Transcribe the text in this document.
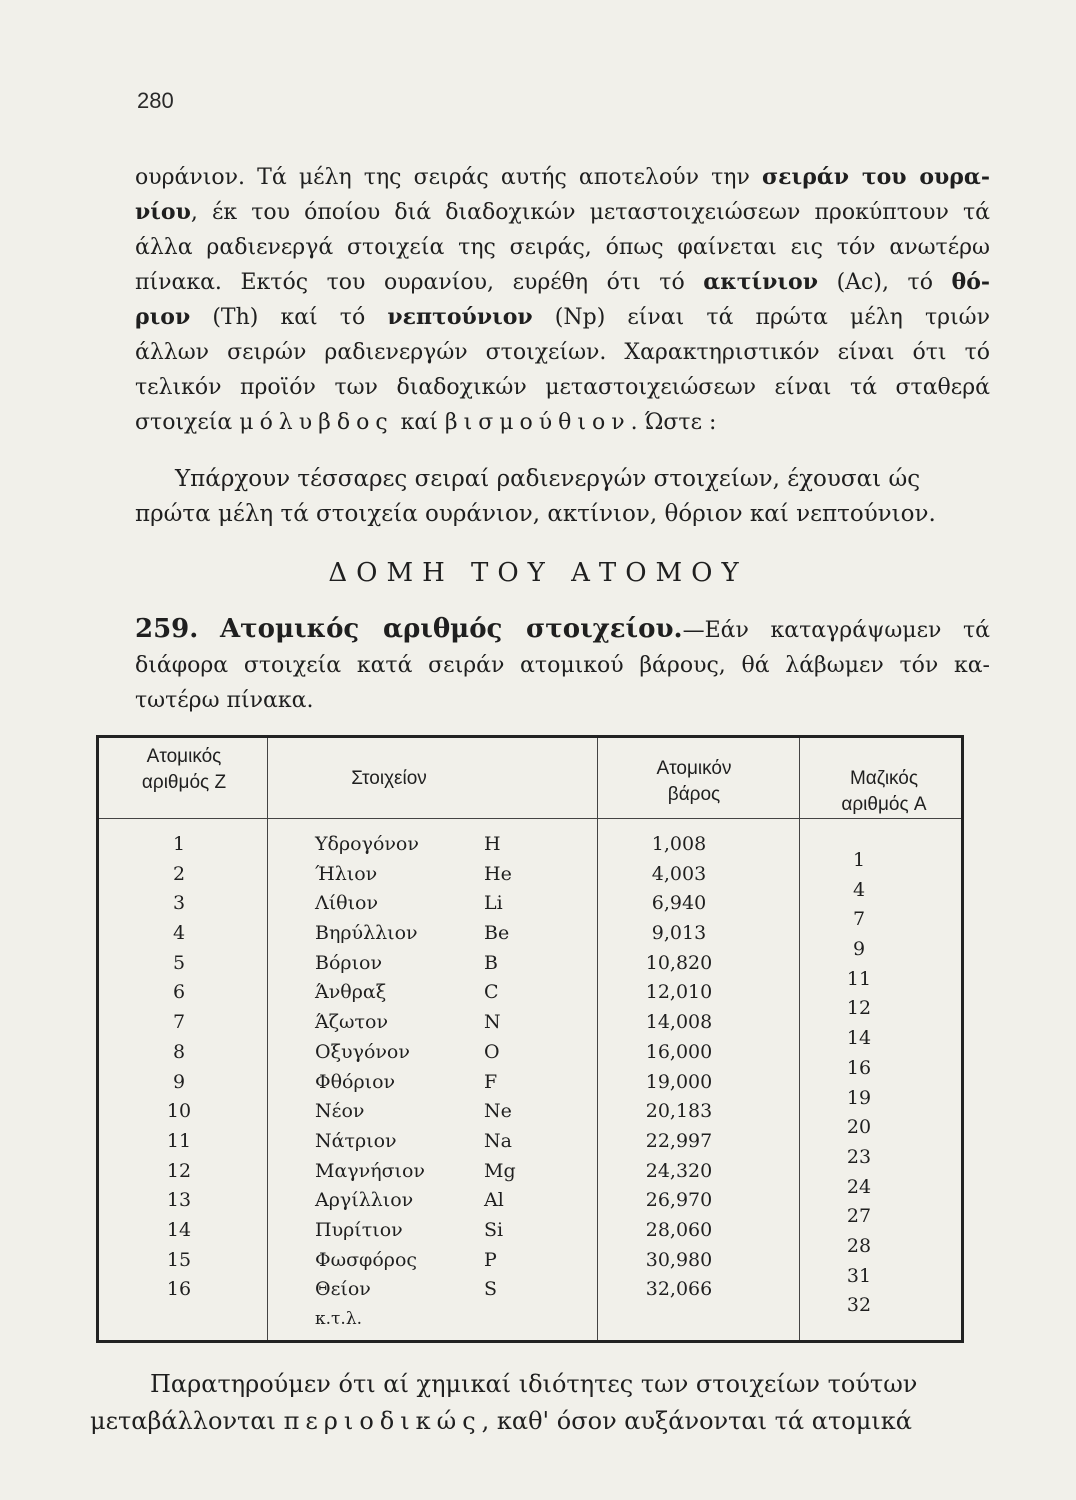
280
ουράνιον. Τά μέλη της σειράς αυτής αποτελούν την σειράν του ουρα-
νίου, έκ του όποίου διά διαδοχικών μεταστοιχειώσεων προκύπτουν τά
άλλα ραδιενεργά στοιχεία της σειράς, όπως φαίνεται εις τόν ανωτέρω
πίνακα. Εκτός του ουρανίου, ευρέθη ότι τό ακτίνιον (Ac), τό θό-
ριον (Th) καί τό νεπτούνιον (Np) είναι τά πρώτα μέλη τριών
άλλων σειρών ραδιενεργών στοιχείων. Χαρακτηριστικόν είναι ότι τό
τελικόν προϊόν των διαδοχικών μεταστοιχειώσεων είναι τά σταθερά
στοιχεία μόλυβδος καί βισμούθιον. Ώστε :
Υπάρχουν τέσσαρες σειραί ραδιενεργών στοιχείων, έχουσαι ώς
πρώτα μέλη τά στοιχεία ουράνιον, ακτίνιον, θόριον καί νεπτούνιον.
ΔΟΜΗ ΤΟΥ ΑΤΟΜΟΥ
259. Ατομικός αριθμός στοιχείου.—Εάν καταγράψωμεν τά
διάφορα στοιχεία κατά σειράν ατομικού βάρους, θά λάβωμεν τόν κα-
τωτέρω πίνακα.
Ατομικός
αριθμός Z	Στοιχείον	Ατομικόν
βάρος
Μαζικός
αριθμός A
1
2
3
4
5
6
7
8
9
10
11
12
13
14
15
16
Υδρογόνον
Ήλιον
Λίθιον
Βηρύλλιον
Βόριον
Άνθραξ
Άζωτον
Οξυγόνον
Φθόριον
Νέον
Νάτριον
Μαγνήσιον
Αργίλλιον
Πυρίτιον
Φωσφόρος
Θείον
κ.τ.λ.
H
He
Li
Be
B
C
N
O
F
Ne
Na
Mg
Al
Si
P
S
1,008
4,003
6,940
9,013
10,820
12,010
14,008
16,000
19,000
20,183
22,997
24,320
26,970
28,060
30,980
32,066
1
4
7
9
11
12
14
16
19
20
23
24
27
28
31
32
Παρατηρούμεν ότι αί χημικαί ιδιότητες των στοιχείων τούτων
μεταβάλλονται περιοδικώς, καθ' όσον αυξάνονται τά ατομικά
